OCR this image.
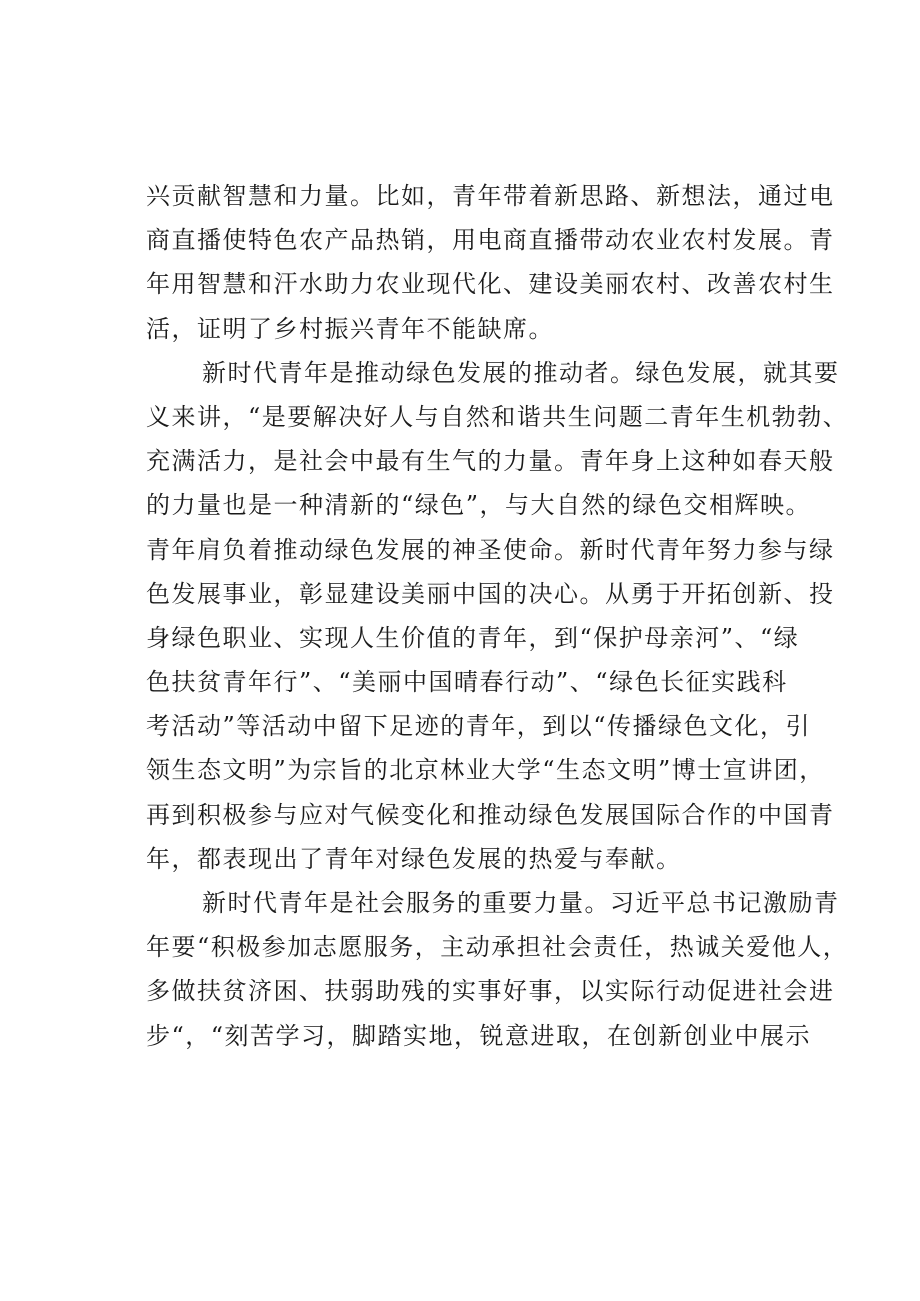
兴贡献智慧和力量。比如，青年带着新思路、新想法，通过电
商直播使特色农产品热销，用电商直播带动农业农村发展。青
年用智慧和汗水助力农业现代化、建设美丽农村、改善农村生
活，证明了乡村振兴青年不能缺席。
新时代青年是推动绿色发展的推动者。绿色发展，就其要
义来讲，“是要解决好人与自然和谐共生问题二青年生机勃勃、
充满活力，是社会中最有生气的力量。青年身上这种如春天般
的力量也是一种清新的“绿色”，与大自然的绿色交相辉映。
青年肩负着推动绿色发展的神圣使命。新时代青年努力参与绿
色发展事业，彰显建设美丽中国的决心。从勇于开拓创新、投
身绿色职业、实现人生价值的青年，到“保护母亲河”、“绿
色扶贫青年行”、“美丽中国晴春行动”、“绿色长征实践科
考活动”等活动中留下足迹的青年，到以“传播绿色文化，引
领生态文明”为宗旨的北京林业大学“生态文明”博士宣讲团，
再到积极参与应对气候变化和推动绿色发展国际合作的中国青
年，都表现出了青年对绿色发展的热爱与奉献。
新时代青年是社会服务的重要力量。习近平总书记激励青
年要“积极参加志愿服务，主动承担社会责任，热诚关爱他人，
多做扶贫济困、扶弱助残的实事好事，以实际行动促进社会进
步“，“刻苦学习，脚踏实地，锐意进取，在创新创业中展示
